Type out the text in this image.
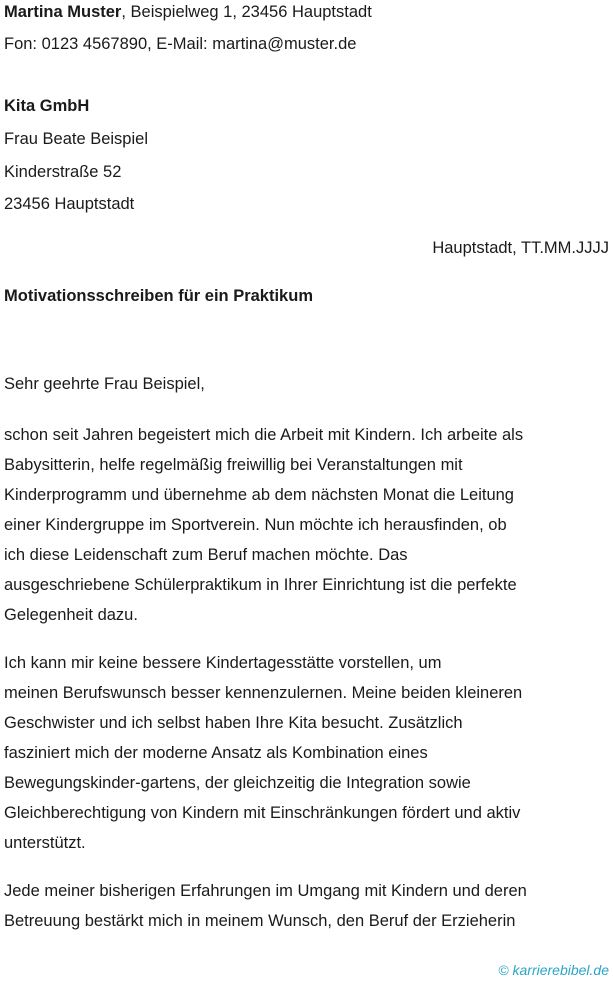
Martina Muster, Beispielweg 1, 23456 Hauptstadt
Fon: 0123 4567890, E-Mail: martina@muster.de
Kita GmbH
Frau Beate Beispiel
Kinderstraße 52
23456 Hauptstadt
Hauptstadt, TT.MM.JJJJ
Motivationsschreiben für ein Praktikum
Sehr geehrte Frau Beispiel,
schon seit Jahren begeistert mich die Arbeit mit Kindern. Ich arbeite als
Babysitterin, helfe regelmäßig freiwillig bei Veranstaltungen mit
Kinderprogramm und übernehme ab dem nächsten Monat die Leitung
einer Kindergruppe im Sportverein. Nun möchte ich herausfinden, ob
ich diese Leidenschaft zum Beruf machen möchte. Das
ausgeschriebene Schülerpraktikum in Ihrer Einrichtung ist die perfekte
Gelegenheit dazu.
Ich kann mir keine bessere Kindertagesstätte vorstellen, um
meinen Berufswunsch besser kennenzulernen. Meine beiden kleineren
Geschwister und ich selbst haben Ihre Kita besucht. Zusätzlich
fasziniert mich der moderne Ansatz als Kombination eines
Bewegungskinder-gartens, der gleichzeitig die Integration sowie
Gleichberechtigung von Kindern mit Einschränkungen fördert und aktiv
unterstützt.
Jede meiner bisherigen Erfahrungen im Umgang mit Kindern und deren
Betreuung bestärkt mich in meinem Wunsch, den Beruf der Erzieherin
© karrierebibel.de
